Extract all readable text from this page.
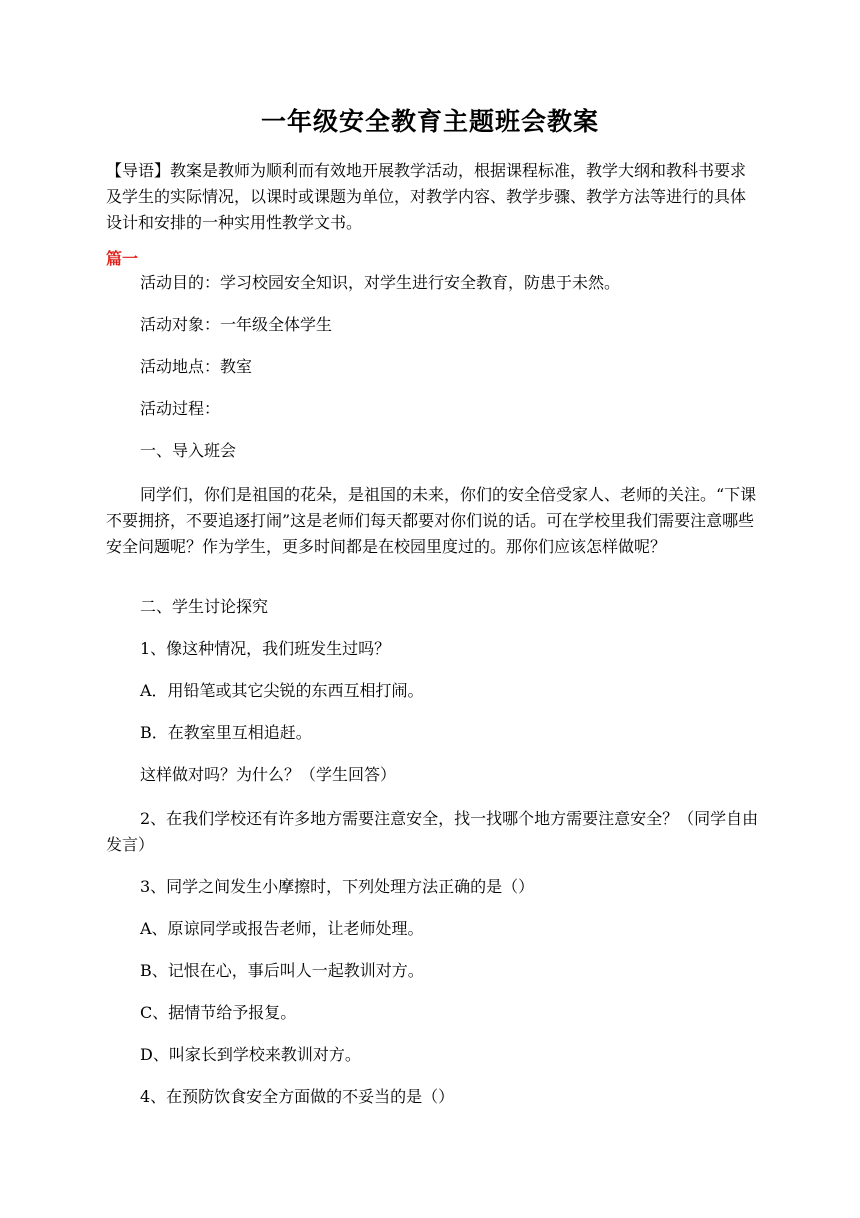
一年级安全教育主题班会教案

【导语】教案是教师为顺利而有效地开展教学活动，根据课程标准，教学大纲和教科书要求及学生的实际情况，以课时或课题为单位，对教学内容、教学步骤、教学方法等进行的具体设计和安排的一种实用性教学文书。

篇一

活动目的：学习校园安全知识，对学生进行安全教育，防患于未然。

活动对象：一年级全体学生

活动地点：教室

活动过程：

一、导入班会

同学们，你们是祖国的花朵，是祖国的未来，你们的安全倍受家人、老师的关注。“下课不要拥挤，不要追逐打闹”这是老师们每天都要对你们说的话。可在学校里我们需要注意哪些安全问题呢？作为学生，更多时间都是在校园里度过的。那你们应该怎样做呢？

二、学生讨论探究

1、像这种情况，我们班发生过吗？

A．用铅笔或其它尖锐的东西互相打闹。

B．在教室里互相追赶。

这样做对吗？为什么？（学生回答）

2、在我们学校还有许多地方需要注意安全，找一找哪个地方需要注意安全？（同学自由发言）

3、同学之间发生小摩擦时，下列处理方法正确的是（）

A、原谅同学或报告老师，让老师处理。

B、记恨在心，事后叫人一起教训对方。

C、据情节给予报复。

D、叫家长到学校来教训对方。

4、在预防饮食安全方面做的不妥当的是（）
